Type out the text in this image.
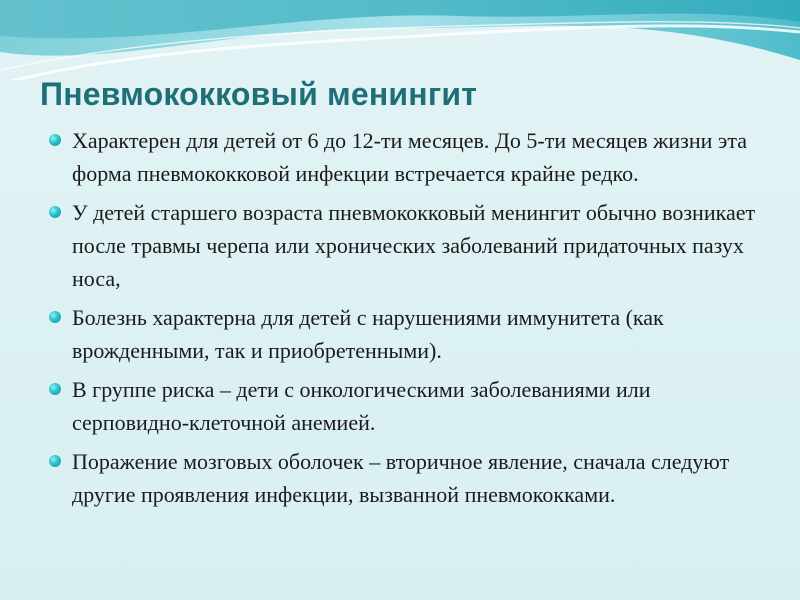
Пневмококковый менингит
Характерен для детей от 6 до 12-ти месяцев. До 5-ти месяцев жизни эта форма пневмококковой инфекции встречается крайне редко.
У детей старшего возраста пневмококковый менингит обычно возникает после травмы черепа или хронических заболеваний придаточных пазух носа,
Болезнь характерна для детей с нарушениями иммунитета (как врожденными, так и приобретенными).
В группе риска – дети с онкологическими заболеваниями или серповидно-клеточной анемией.
Поражение мозговых оболочек – вторичное явление, сначала следуют другие проявления инфекции, вызванной пневмококками.
